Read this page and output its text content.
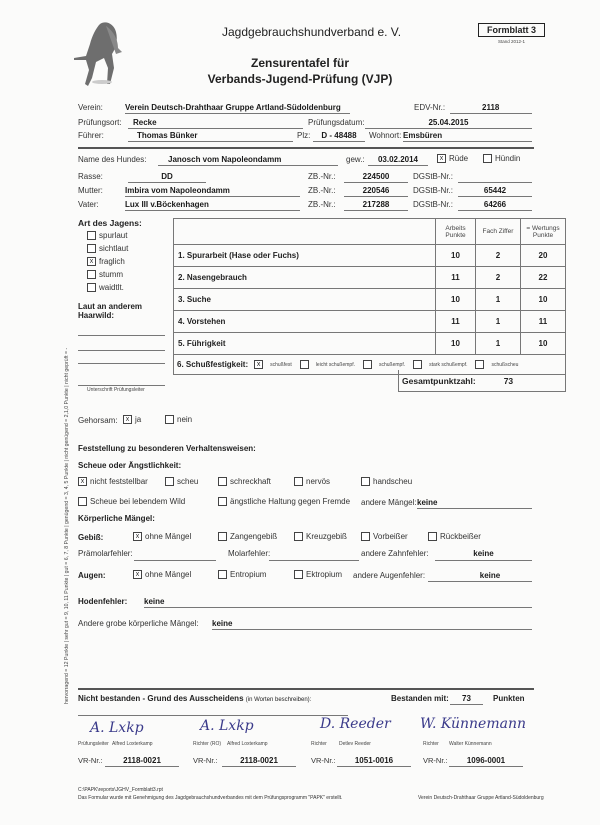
Jagdgebrauchshundverband e. V.	Formblatt 3
Stand 2012-1
Zensurentafel für
Verbands-Jugend-Prüfung (VJP)
hervorragend = 12 Punkte | sehr gut = 9, 10, 11 Punkte | gut = 6, 7, 8 Punkte | genügend = 3, 4, 5 Punkte | nicht genügend = 2,1,0 Punkte | nicht geprüft = -
Verein:	Verein Deutsch-Drahthaar Gruppe Artland-Südoldenburg	EDV-Nr.:	2118
Prüfungsort:	Recke	Prüfungsdatum:	25.04.2015
Führer:	Thomas Bünker	Plz:	D - 48488	Wohnort: Emsbüren
Name des Hundes:	Janosch vom Napoleondamm	gew.:	03.02.2014	x Rüde	Hündin
Rasse:	DD	ZB.-Nr.:	224500	DGStB-Nr.:
Mutter:	Imbira vom Napoleondamm	ZB.-Nr.:	220546	DGStB-Nr.:	65442
Vater:	Lux III v.Böckenhagen	ZB.-Nr.:	217288	DGStB-Nr.:	64266
Art des Jagens:
spurlaut
sichtlaut
x fraglich
stumm
waidtlt.
Laut an anderem
Haarwild:
Unterschrift Prüfungsleiter
	Arbeits Punkte	Fach Ziffer	= Wertungs Punkte
1. Spurarbeit (Hase oder Fuchs)	10	2	20
2. Nasengebrauch	11	2	22
3. Suche	10	1	10
4. Vorstehen	11	1	11
5. Führigkeit	10	1	10

6. Schußfestigkeit:	x	schußfest	leicht schußempf.	schußempf.	stark schußempf.	schußscheu
Gesamtpunktzahl:	73
Gehorsam:	x ja	nein
Feststellung zu besonderen Verhaltensweisen:
Scheue oder Ängstlichkeit:
x nicht feststellbar	scheu	schreckhaft	nervös	handscheu
Scheue bei lebendem Wild	ängstliche Haltung gegen Fremde andere Mängel: keine
Körperliche Mängel:
Gebiß:	x ohne Mängel	Zangengebiß	Kreuzgebiß	Vorbeißer	Rückbeißer
Prämolarfehler:	Molarfehler:	andere Zahnfehler:	keine
Augen:	x ohne Mängel	Entropium	Ektropium andere Augenfehler:	keine
Hodenfehler: keine
Andere grobe körperliche Mängel: keine
Nicht bestanden - Grund des Ausscheidens (in Worten beschreiben):	Bestanden mit:	73	Punkten
A. Lxkp	A. Lxkp	D. Reeder W. Künnemann
Prüfungsleiter Alfred Loxterkamp	Richter (RO) Alfred Loxterkamp	Richter Detlev Reeder	Richter Walter Künnemann
VR-Nr.:	2118-0021	VR-Nr.:	2118-0021	VR-Nr.:	1051-0016	VR-Nr.:	1096-0001
C:\PAPK\reports\JGHV_Formblatt3.rpt
Das Formular wurde mit Genehmigung des Jagdgebrauchshundverbandes mit dem Prüfungsprogramm "PAPK" erstellt.	Verein Deutsch-Drahthaar Gruppe Artland-Südoldenburg
